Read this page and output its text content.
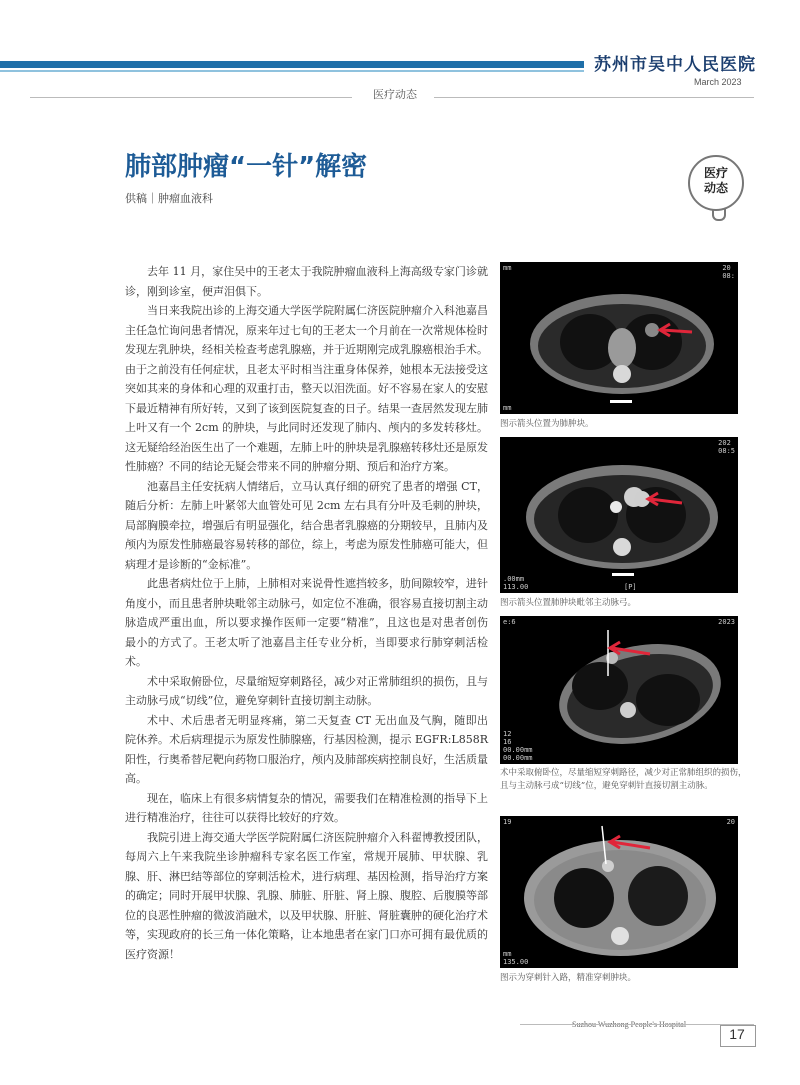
苏州市吴中人民医院
March 2023
医疗动态
医疗
动态
肺部肿瘤“一针”解密
供稿｜肿瘤血液科

去年 11 月，家住吴中的王老太于我院肿瘤血液科上海高级专家门诊就诊，刚到诊室，便声泪俱下。

当日来我院出诊的上海交通大学医学院附属仁济医院肿瘤介入科池嘉昌主任急忙询问患者情况，原来年过七旬的王老太一个月前在一次常规体检时发现左乳肿块，经相关检查考虑乳腺癌，并于近期刚完成乳腺癌根治手术。由于之前没有任何症状，且老太平时相当注重身体保养，她根本无法接受这突如其来的身体和心理的双重打击，整天以泪洗面。好不容易在家人的安慰下最近精神有所好转，又到了该到医院复查的日子。结果一查居然发现左肺上叶又有一个 2cm 的肿块，与此同时还发现了肺内、颅内的多发转移灶。这无疑给经治医生出了一个难题，左肺上叶的肿块是乳腺癌转移灶还是原发性肺癌？不同的结论无疑会带来不同的肿瘤分期、预后和治疗方案。

池嘉昌主任安抚病人情绪后，立马认真仔细的研究了患者的增强 CT，随后分析：左肺上叶紧邻大血管处可见 2cm 左右具有分叶及毛刺的肿块，局部胸膜牵拉，增强后有明显强化，结合患者乳腺癌的分期较早，且肺内及颅内为原发性肺癌最容易转移的部位，综上，考虑为原发性肺癌可能大，但病理才是诊断的“金标准”。

此患者病灶位于上肺，上肺相对来说骨性遮挡较多，肋间隙较窄，进针角度小，而且患者肿块毗邻主动脉弓，如定位不准确，很容易直接切割主动脉造成严重出血，所以要求操作医师一定要“精准”，且这也是对患者创伤最小的方式了。王老太听了池嘉昌主任专业分析，当即要求行肺穿刺活检术。

术中采取俯卧位，尽量缩短穿刺路径，减少对正常肺组织的损伤，且与主动脉弓成“切线”位，避免穿刺针直接切割主动脉。

术中、术后患者无明显疼痛，第二天复查 CT 无出血及气胸，随即出院休养。术后病理提示为原发性肺腺癌，行基因检测，提示 EGFR:L858R 阳性，行奥希替尼靶向药物口服治疗，颅内及肺部疾病控制良好，生活质量高。

现在，临床上有很多病情复杂的情况，需要我们在精准检测的指导下上进行精准治疗，往往可以获得比较好的疗效。

我院引进上海交通大学医学院附属仁济医院肿瘤介入科翟博教授团队，每周六上午来我院坐诊肿瘤科专家名医工作室，常规开展肺、甲状腺、乳腺、肝、淋巴结等部位的穿刺活检术，进行病理、基因检测，指导治疗方案的确定；同时开展甲状腺、乳腺、肺脏、肝脏、肾上腺、腹腔、后腹膜等部位的良恶性肿瘤的微波消融术，以及甲状腺、肝脏、肾脏囊肿的硬化治疗术等，实现政府的长三角一体化策略，让本地患者在家门口亦可拥有最优质的医疗资源！

mm	20
08:
mm
图示箭头位置为肺肿块。
202
08:5
.00mm
113.00	[P]
图示箭头位置肺肿块毗邻主动脉弓。
e:6	2023
12
16
00.00mm
00.00mm
术中采取俯卧位，尽量缩短穿刺路径，减少对正常肺组织的损伤，且与主动脉弓成“切线”位，避免穿刺针直接切割主动脉。
19	20
mm
135.00
图示为穿刺针入路，精准穿刺肿块。
17
